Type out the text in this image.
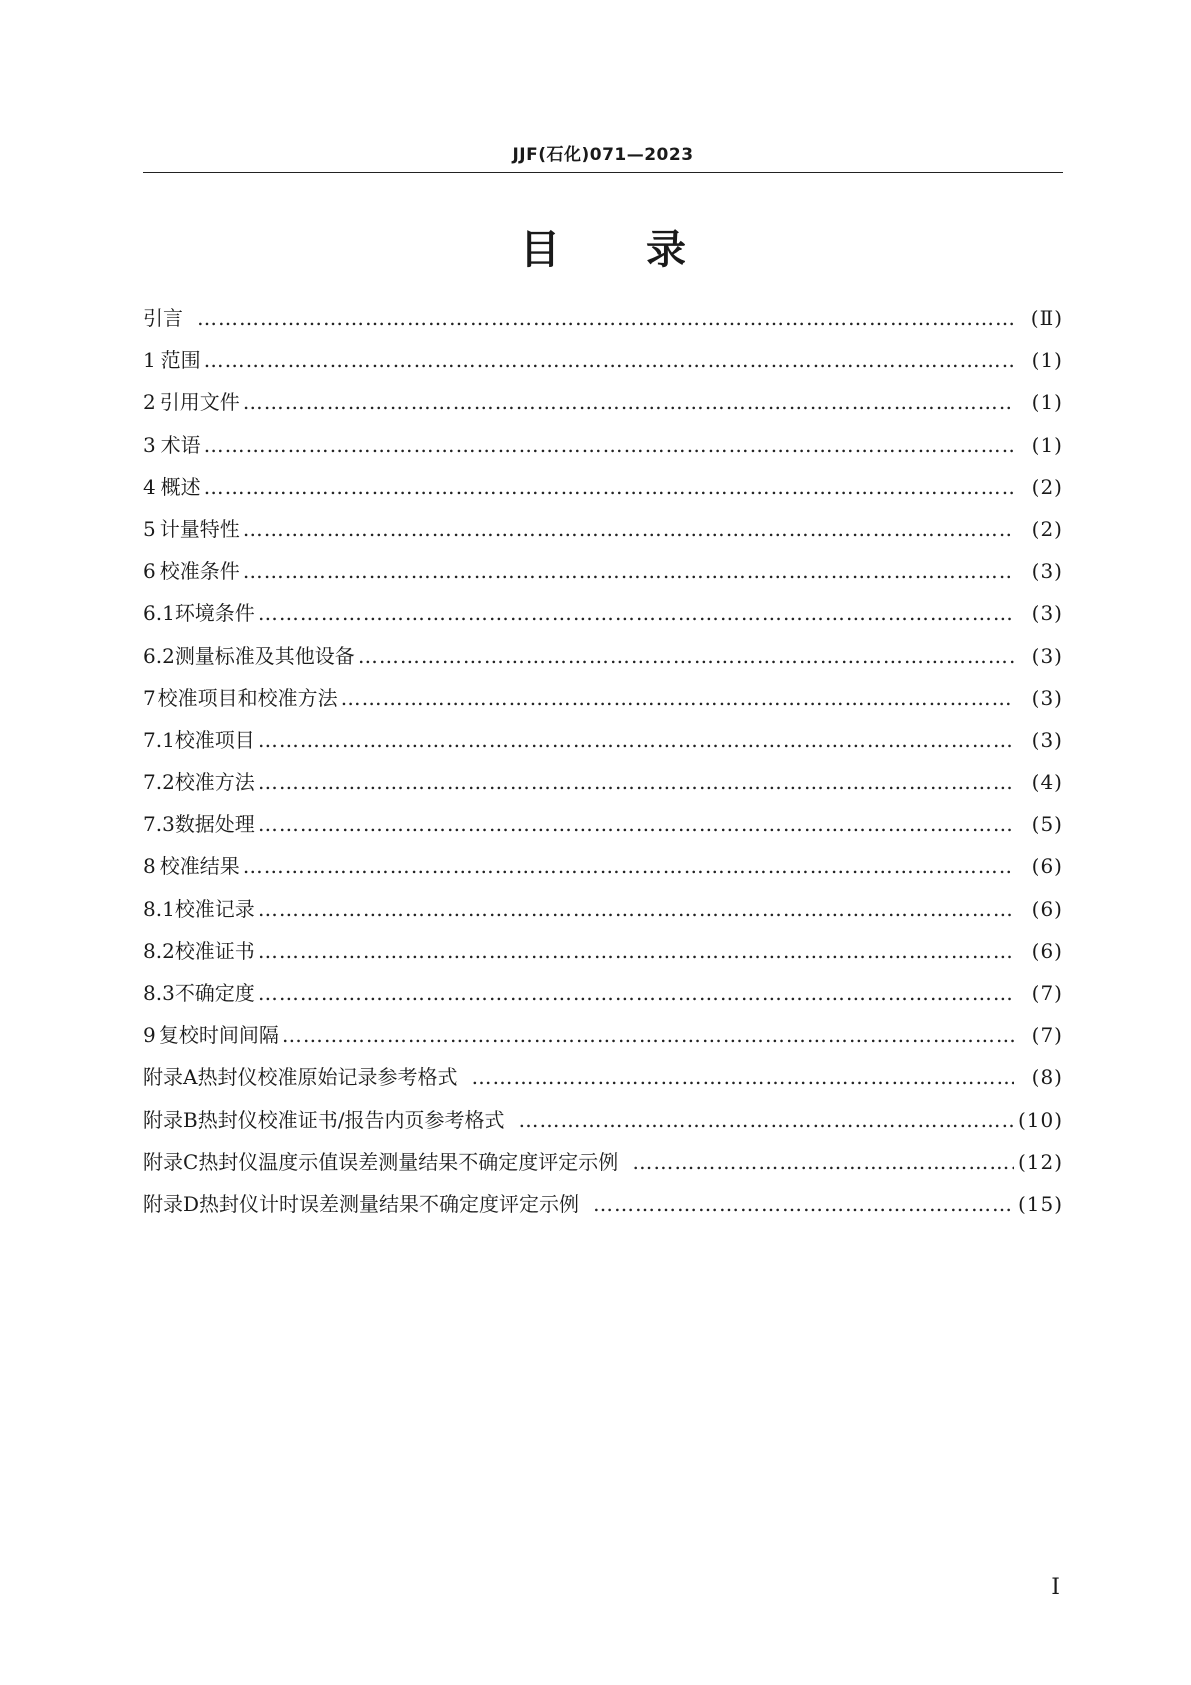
JJF(石化)071—2023
目录
引言 …………………………………………………………………………………………………………………………………………………………………………………………………………………	(Ⅱ)
1 范围 …………………………………………………………………………………………………………………………………………………………………………………………………………………	(1)
2 引用文件 …………………………………………………………………………………………………………………………………………………………………………………………………………………	(1)
3 术语 …………………………………………………………………………………………………………………………………………………………………………………………………………………	(1)
4 概述 …………………………………………………………………………………………………………………………………………………………………………………………………………………	(2)
5 计量特性 …………………………………………………………………………………………………………………………………………………………………………………………………………………	(2)
6 校准条件 …………………………………………………………………………………………………………………………………………………………………………………………………………………	(3)
6.1 环境条件 …………………………………………………………………………………………………………………………………………………………………………………………………………………	(3)
6.2 测量标准及其他设备 …………………………………………………………………………………………………………………………………………………………………………………………………………………	(3)
7 校准项目和校准方法 …………………………………………………………………………………………………………………………………………………………………………………………………………………	(3)
7.1 校准项目 …………………………………………………………………………………………………………………………………………………………………………………………………………………	(3)
7.2 校准方法 …………………………………………………………………………………………………………………………………………………………………………………………………………………	(4)
7.3 数据处理 …………………………………………………………………………………………………………………………………………………………………………………………………………………	(5)
8 校准结果 …………………………………………………………………………………………………………………………………………………………………………………………………………………	(6)
8.1 校准记录 …………………………………………………………………………………………………………………………………………………………………………………………………………………	(6)
8.2 校准证书 …………………………………………………………………………………………………………………………………………………………………………………………………………………	(6)
8.3 不确定度 …………………………………………………………………………………………………………………………………………………………………………………………………………………	(7)
9 复校时间间隔 …………………………………………………………………………………………………………………………………………………………………………………………………………………	(7)
附录A 热封仪校准原始记录参考格式 …………………………………………………………………………………………………………………………………………………………………………………………………………………	(8)
附录B 热封仪校准证书/报告内页参考格式 …………………………………………………………………………………………………………………………………………………………………………………………………………………	(10)
附录C 热封仪温度示值误差测量结果不确定度评定示例 …………………………………………………………………………………………………………………………………………………………………………………………………………………	(12)
附录D 热封仪计时误差测量结果不确定度评定示例 …………………………………………………………………………………………………………………………………………………………………………………………………………………	(15)
Ⅰ
